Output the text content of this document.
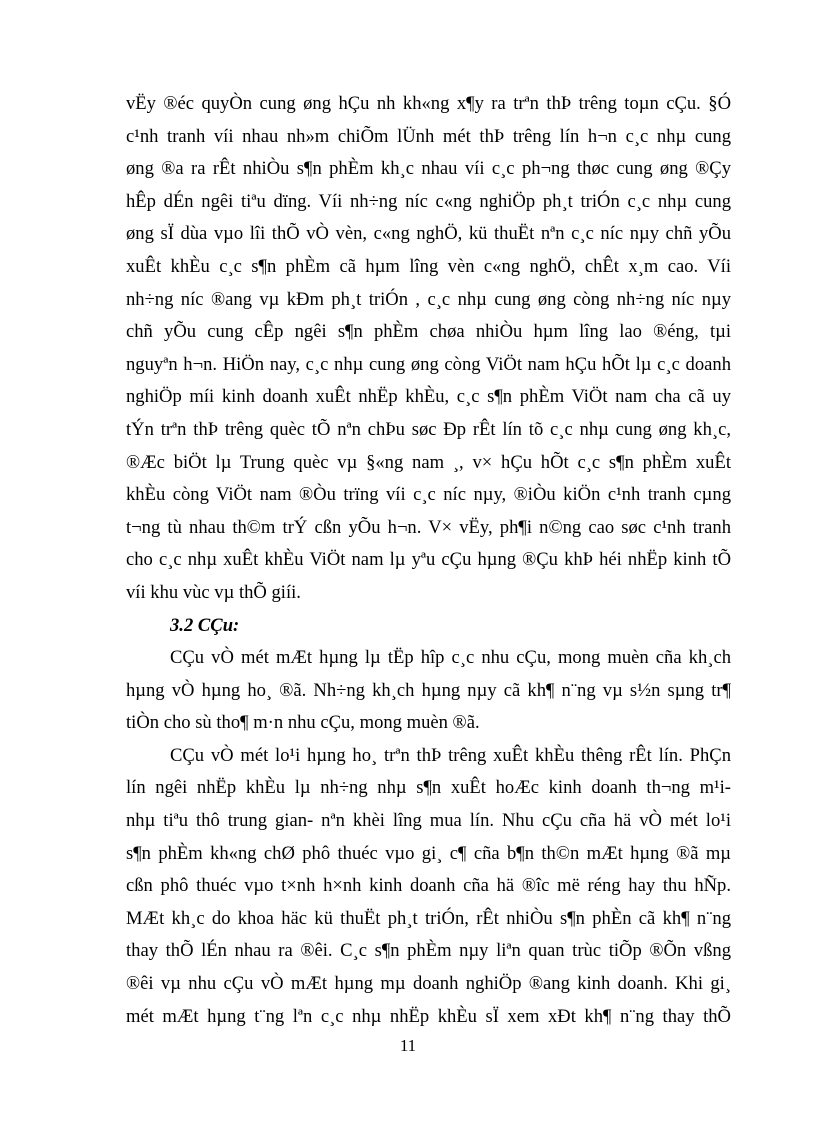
vËy ®éc quyÒn cung øng hÇu nh kh«ng x¶y ra trªn thÞ trêng toµn cÇu. §Ó
c¹nh tranh víi nhau nh»m chiÕm lÜnh mét thÞ trêng lín h¬n c¸c nhµ cung
øng ®a ra rÊt nhiÒu s¶n phÈm kh¸c nhau víi c¸c ph¬ng thøc cung øng ®Çy
hÊp dÉn ngêi tiªu dïng. Víi nh÷ng níc c«ng nghiÖp ph¸t triÓn c¸c nhµ cung
øng sÏ dùa vµo lîi thÕ vÒ vèn, c«ng nghÖ, kü thuËt nªn c¸c níc nµy chñ yÕu
xuÊt khÈu c¸c s¶n phÈm cã hµm lîng vèn c«ng nghÖ, chÊt x¸m cao. Víi
nh÷ng níc ®ang vµ kÐm ph¸t triÓn , c¸c nhµ cung øng còng nh÷ng níc nµy
chñ yÕu cung cÊp ngêi s¶n phÈm chøa nhiÒu hµm lîng lao ®éng, tµi
nguyªn h¬n. HiÖn nay, c¸c nhµ cung øng còng ViÖt nam hÇu hÕt lµ c¸c doanh
nghiÖp míi kinh doanh xuÊt nhËp khÈu, c¸c s¶n phÈm ViÖt nam cha cã uy
tÝn trªn thÞ trêng quèc tÕ nªn chÞu søc Ðp rÊt lín tõ c¸c nhµ cung øng kh¸c,
®Æc biÖt lµ Trung quèc vµ §«ng nam ¸, v× hÇu hÕt c¸c s¶n phÈm xuÊt
khÈu còng ViÖt nam ®Òu trïng víi c¸c níc nµy, ®iÒu kiÖn c¹nh tranh cµng
t¬ng tù nhau th©m trÝ cßn yÕu h¬n. V× vËy, ph¶i n©ng cao søc c¹nh tranh
cho c¸c nhµ xuÊt khÈu ViÖt nam lµ yªu cÇu hµng ®Çu khÞ héi nhËp kinh tÕ
víi khu vùc vµ thÕ giíi.
3.2 CÇu:
CÇu vÒ mét mÆt hµng lµ tËp hîp c¸c nhu cÇu, mong muèn cña kh¸ch
hµng vÒ hµng ho¸ ®ã. Nh÷ng kh¸ch hµng nµy cã kh¶ n¨ng vµ s½n sµng tr¶
tiÒn cho sù tho¶ m·n nhu cÇu, mong muèn ®ã.
CÇu vÒ mét lo¹i hµng ho¸ trªn thÞ trêng xuÊt khÈu thêng rÊt lín. PhÇn
lín ngêi nhËp khÈu lµ nh÷ng nhµ s¶n xuÊt hoÆc kinh doanh th¬ng m¹i-
nhµ tiªu thô trung gian- nªn khèi lîng mua lín. Nhu cÇu cña hä vÒ mét lo¹i
s¶n phÈm kh«ng chØ phô thuéc vµo gi¸ c¶ cña b¶n th©n mÆt hµng ®ã mµ
cßn phô thuéc vµo t×nh h×nh kinh doanh cña hä ®îc më réng hay thu hÑp.
MÆt kh¸c do khoa häc kü thuËt ph¸t triÓn, rÊt nhiÒu s¶n phÈn cã kh¶ n¨ng
thay thÕ lÉn nhau ra ®êi. C¸c s¶n phÈm nµy liªn quan trùc tiÕp ®Õn vßng
®êi vµ nhu cÇu vÒ mÆt hµng mµ doanh nghiÖp ®ang kinh doanh. Khi gi¸
mét mÆt hµng t¨ng lªn c¸c nhµ nhËp khÈu sÏ xem xÐt kh¶ n¨ng thay thÕ
11
